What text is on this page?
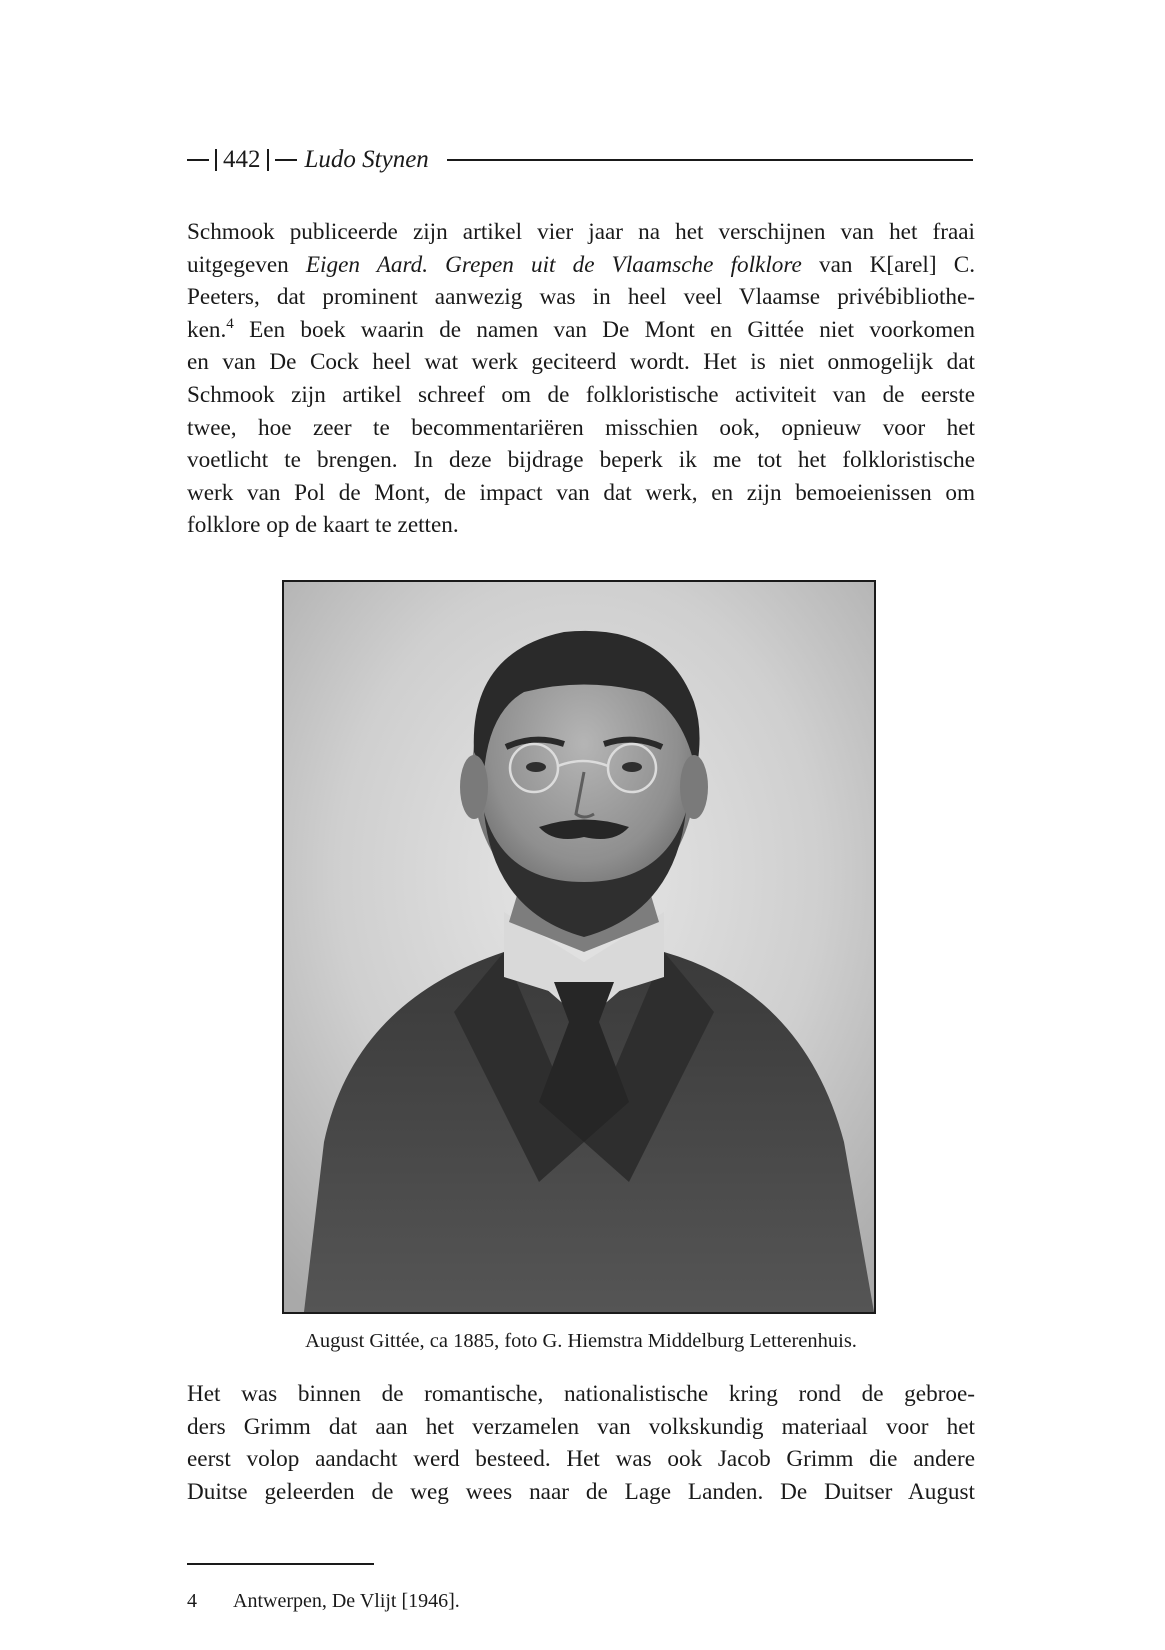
442 Ludo Stynen

Schmook publiceerde zijn artikel vier jaar na het verschijnen van het fraai
uitgegeven Eigen Aard. Grepen uit de Vlaamsche folklore van K[arel] C.
Peeters, dat prominent aanwezig was in heel veel Vlaamse privébibliothe-
ken.$^4$ Een boek waarin de namen van De Mont en Gittée niet voorkomen
en van De Cock heel wat werk geciteerd wordt. Het is niet onmogelijk dat
Schmook zijn artikel schreef om de folkloristische activiteit van de eerste
twee, hoe zeer te becommentariëren misschien ook, opnieuw voor het
voetlicht te brengen. In deze bijdrage beperk ik me tot het folkloristische
werk van Pol de Mont, de impact van dat werk, en zijn bemoeienissen om
folklore op de kaart te zetten.

August Gittée, ca 1885, foto G. Hiemstra Middelburg Letterenhuis.

Het was binnen de romantische, nationalistische kring rond de gebroe-
ders Grimm dat aan het verzamelen van volkskundig materiaal voor het
eerst volop aandacht werd besteed. Het was ook Jacob Grimm die andere
Duitse geleerden de weg wees naar de Lage Landen. De Duitser August

4 Antwerpen, De Vlijt [1946].
